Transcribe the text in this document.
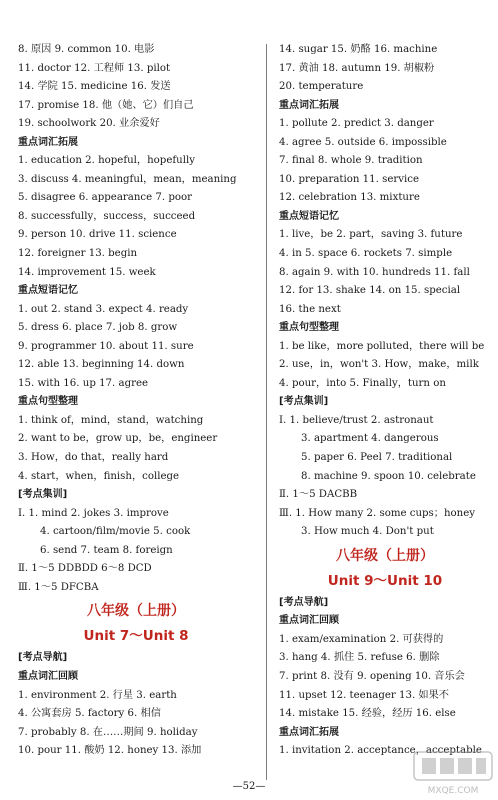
8. 原因 9. common 10. 电影
11. doctor 12. 工程师 13. pilot
14. 学院 15. medicine 16. 发送
17. promise 18. 他（她、它）们自己
19. schoolwork 20. 业余爱好
重点词汇拓展
1. education 2. hopeful，hopefully
3. discuss 4. meaningful，mean，meaning
5. disagree 6. appearance 7. poor
8. successfully，success，succeed
9. person 10. drive 11. science
12. foreigner 13. begin
14. improvement 15. week
重点短语记忆
1. out 2. stand 3. expect 4. ready
5. dress 6. place 7. job 8. grow
9. programmer 10. about 11. sure
12. able 13. beginning 14. down
15. with 16. up 17. agree
重点句型整理
1. think of，mind，stand，watching
2. want to be，grow up，be，engineer
3. How，do that，really hard
4. start，when，finish，college
[考点集训]
Ⅰ. 1. mind 2. jokes 3. improve
4. cartoon/film/movie 5. cook
6. send 7. team 8. foreign
Ⅱ. 1～5 DDBDD 6～8 DCD
Ⅲ. 1～5 DFCBA
八年级（上册）
Unit 7～Unit 8
[考点导航]
重点词汇回顾
1. environment 2. 行星 3. earth
4. 公寓套房 5. factory 6. 相信
7. probably 8. 在……期间 9. holiday
10. pour 11. 酸奶 12. honey 13. 添加
14. sugar 15. 奶酪 16. machine
17. 黄油 18. autumn 19. 胡椒粉
20. temperature
重点词汇拓展
1. pollute 2. predict 3. danger
4. agree 5. outside 6. impossible
7. final 8. whole 9. tradition
10. preparation 11. service
12. celebration 13. mixture
重点短语记忆
1. live，be 2. part，saving 3. future
4. in 5. space 6. rockets 7. simple
8. again 9. with 10. hundreds 11. fall
12. for 13. shake 14. on 15. special
16. the next
重点句型整理
1. be like，more polluted，there will be
2. use，in，won't 3. How，make，milk
4. pour，into 5. Finally，turn on
[考点集训]
Ⅰ. 1. believe/trust 2. astronaut
3. apartment 4. dangerous
5. paper 6. Peel 7. traditional
8. machine 9. spoon 10. celebrate
Ⅱ. 1～5 DACBB
Ⅲ. 1. How many 2. some cups；honey
3. How much 4. Don't put
八年级（上册）
Unit 9～Unit 10
[考点导航]
重点词汇回顾
1. exam/examination 2. 可获得的
3. hang 4. 抓住 5. refuse 6. 删除
7. print 8. 没有 9. opening 10. 音乐会
11. upset 12. teenager 13. 如果不
14. mistake 15. 经验，经历 16. else
重点词汇拓展
1. invitation 2. acceptance，acceptable
—52—	MXQE.COM
